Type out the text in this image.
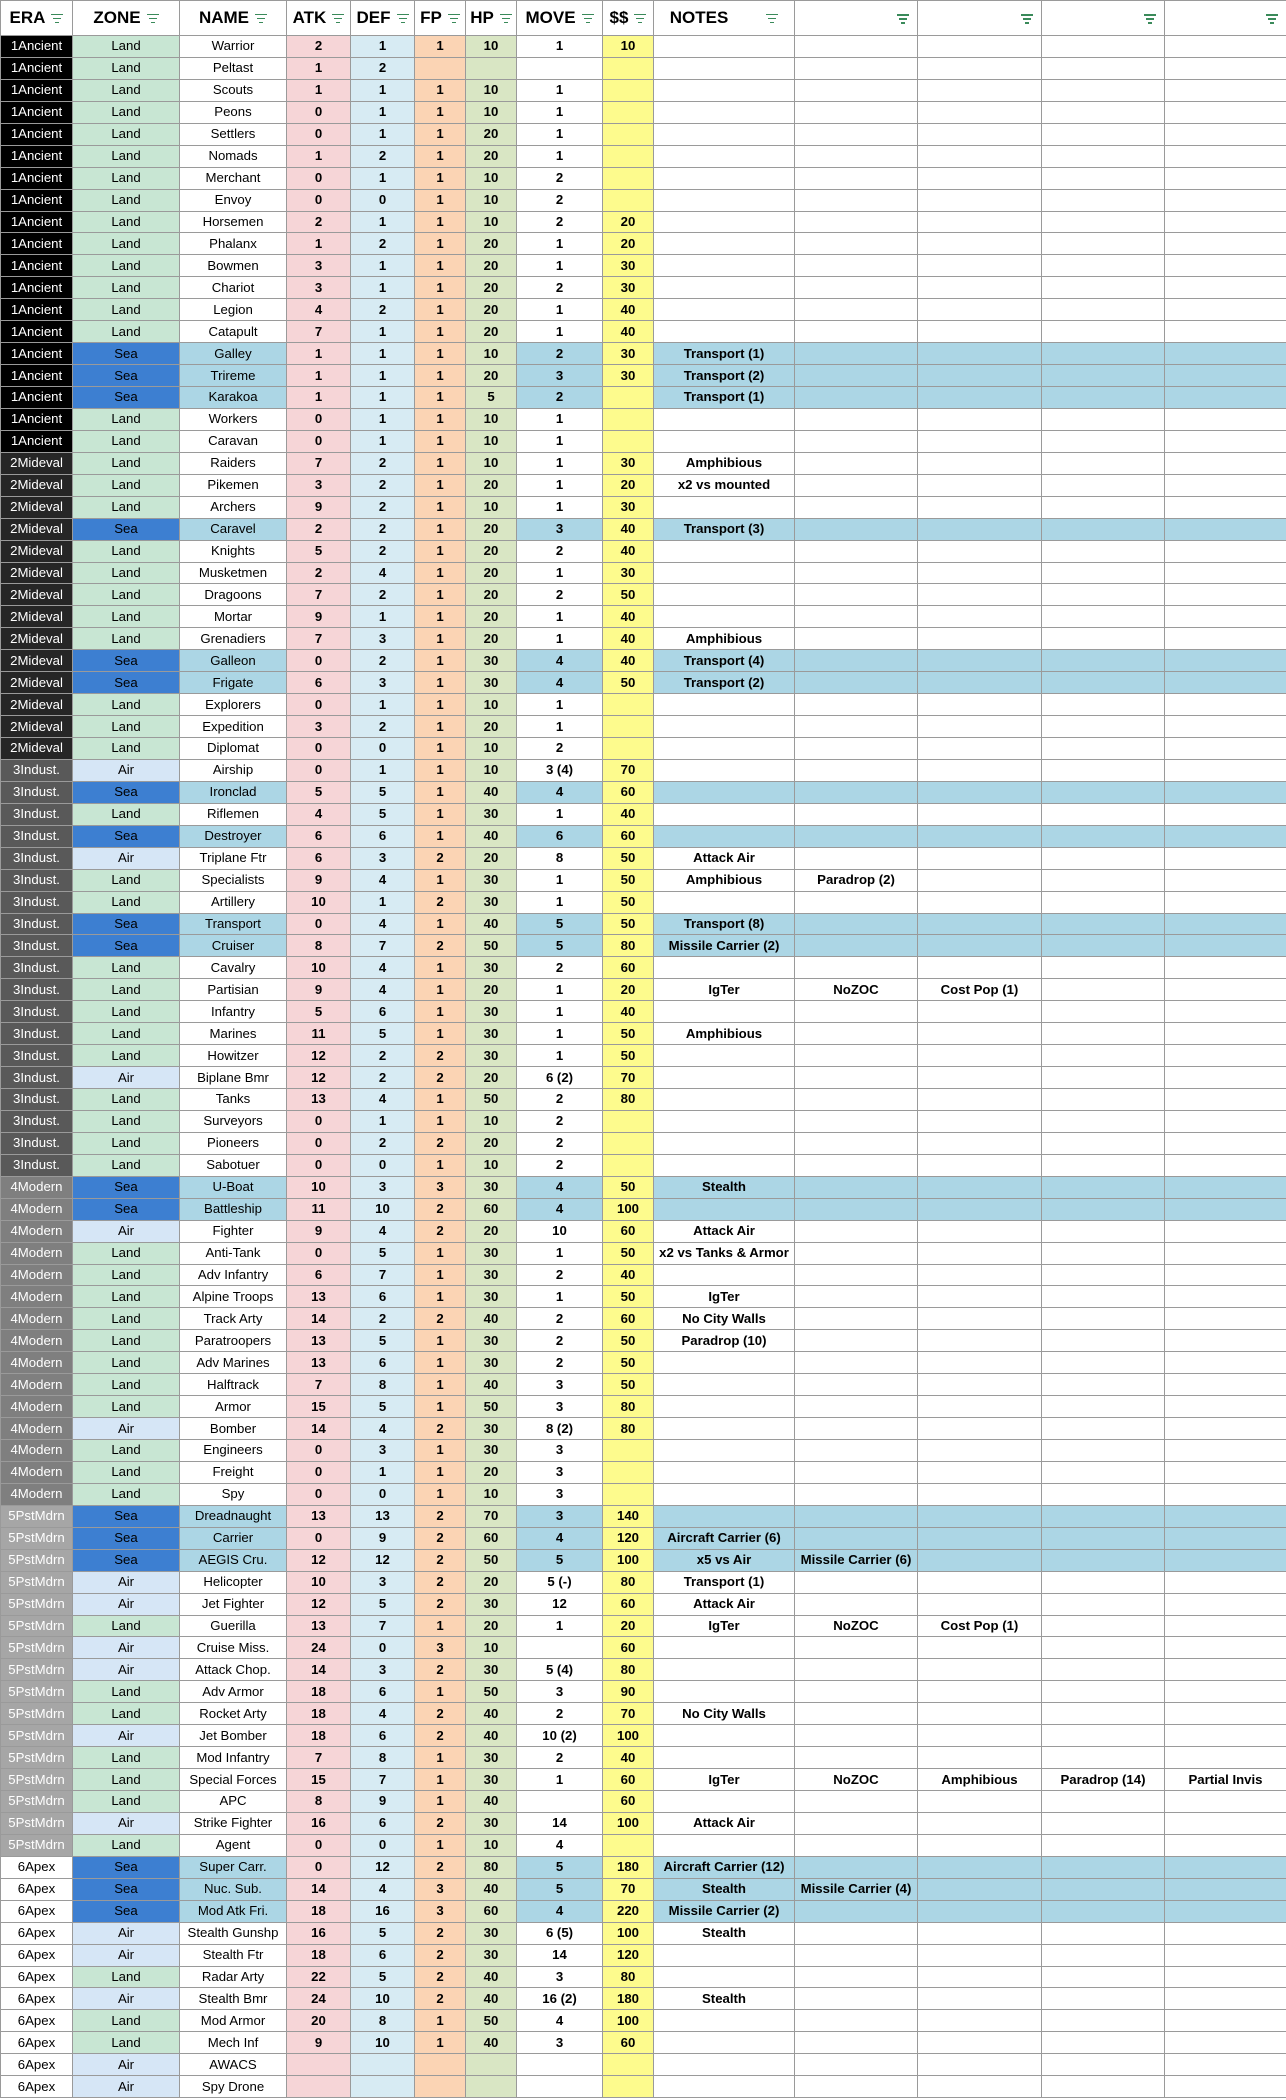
ERA	ZONE	NAME	ATK	DEF	FP	HP	MOVE	$$	NOTES

1Ancient	Land	Warrior	2	1	1	10	1	10					
1Ancient	Land	Peltast	1	2									
1Ancient	Land	Scouts	1	1	1	10	1						
1Ancient	Land	Peons	0	1	1	10	1						
1Ancient	Land	Settlers	0	1	1	20	1						
1Ancient	Land	Nomads	1	2	1	20	1						
1Ancient	Land	Merchant	0	1	1	10	2						
1Ancient	Land	Envoy	0	0	1	10	2						
1Ancient	Land	Horsemen	2	1	1	10	2	20					
1Ancient	Land	Phalanx	1	2	1	20	1	20					
1Ancient	Land	Bowmen	3	1	1	20	1	30					
1Ancient	Land	Chariot	3	1	1	20	2	30					
1Ancient	Land	Legion	4	2	1	20	1	40					
1Ancient	Land	Catapult	7	1	1	20	1	40					
1Ancient	Sea	Galley	1	1	1	10	2	30	Transport (1)				
1Ancient	Sea	Trireme	1	1	1	20	3	30	Transport (2)				
1Ancient	Sea	Karakoa	1	1	1	5	2		Transport (1)				
1Ancient	Land	Workers	0	1	1	10	1						
1Ancient	Land	Caravan	0	1	1	10	1						
2Mideval	Land	Raiders	7	2	1	10	1	30	Amphibious				
2Mideval	Land	Pikemen	3	2	1	20	1	20	x2 vs mounted				
2Mideval	Land	Archers	9	2	1	10	1	30					
2Mideval	Sea	Caravel	2	2	1	20	3	40	Transport (3)				
2Mideval	Land	Knights	5	2	1	20	2	40					
2Mideval	Land	Musketmen	2	4	1	20	1	30					
2Mideval	Land	Dragoons	7	2	1	20	2	50					
2Mideval	Land	Mortar	9	1	1	20	1	40					
2Mideval	Land	Grenadiers	7	3	1	20	1	40	Amphibious				
2Mideval	Sea	Galleon	0	2	1	30	4	40	Transport (4)				
2Mideval	Sea	Frigate	6	3	1	30	4	50	Transport (2)				
2Mideval	Land	Explorers	0	1	1	10	1						
2Mideval	Land	Expedition	3	2	1	20	1						
2Mideval	Land	Diplomat	0	0	1	10	2						
3Indust.	Air	Airship	0	1	1	10	3 (4)	70					
3Indust.	Sea	Ironclad	5	5	1	40	4	60					
3Indust.	Land	Riflemen	4	5	1	30	1	40					
3Indust.	Sea	Destroyer	6	6	1	40	6	60					
3Indust.	Air	Triplane Ftr	6	3	2	20	8	50	Attack Air				
3Indust.	Land	Specialists	9	4	1	30	1	50	Amphibious	Paradrop (2)			
3Indust.	Land	Artillery	10	1	2	30	1	50					
3Indust.	Sea	Transport	0	4	1	40	5	50	Transport (8)				
3Indust.	Sea	Cruiser	8	7	2	50	5	80	Missile Carrier (2)				
3Indust.	Land	Cavalry	10	4	1	30	2	60					
3Indust.	Land	Partisian	9	4	1	20	1	20	IgTer	NoZOC	Cost Pop (1)		
3Indust.	Land	Infantry	5	6	1	30	1	40					
3Indust.	Land	Marines	11	5	1	30	1	50	Amphibious				
3Indust.	Land	Howitzer	12	2	2	30	1	50					
3Indust.	Air	Biplane Bmr	12	2	2	20	6 (2)	70					
3Indust.	Land	Tanks	13	4	1	50	2	80					
3Indust.	Land	Surveyors	0	1	1	10	2						
3Indust.	Land	Pioneers	0	2	2	20	2						
3Indust.	Land	Sabotuer	0	0	1	10	2						
4Modern	Sea	U-Boat	10	3	3	30	4	50	Stealth				
4Modern	Sea	Battleship	11	10	2	60	4	100					
4Modern	Air	Fighter	9	4	2	20	10	60	Attack Air				
4Modern	Land	Anti-Tank	0	5	1	30	1	50	x2 vs Tanks & Armor				
4Modern	Land	Adv Infantry	6	7	1	30	2	40					
4Modern	Land	Alpine Troops	13	6	1	30	1	50	IgTer				
4Modern	Land	Track Arty	14	2	2	40	2	60	No City Walls				
4Modern	Land	Paratroopers	13	5	1	30	2	50	Paradrop (10)				
4Modern	Land	Adv Marines	13	6	1	30	2	50					
4Modern	Land	Halftrack	7	8	1	40	3	50					
4Modern	Land	Armor	15	5	1	50	3	80					
4Modern	Air	Bomber	14	4	2	30	8 (2)	80					
4Modern	Land	Engineers	0	3	1	30	3						
4Modern	Land	Freight	0	1	1	20	3						
4Modern	Land	Spy	0	0	1	10	3						
5PstMdrn	Sea	Dreadnaught	13	13	2	70	3	140					
5PstMdrn	Sea	Carrier	0	9	2	60	4	120	Aircraft Carrier (6)				
5PstMdrn	Sea	AEGIS Cru.	12	12	2	50	5	100	x5 vs Air	Missile Carrier (6)			
5PstMdrn	Air	Helicopter	10	3	2	20	5 (-)	80	Transport (1)				
5PstMdrn	Air	Jet Fighter	12	5	2	30	12	60	Attack Air				
5PstMdrn	Land	Guerilla	13	7	1	20	1	20	IgTer	NoZOC	Cost Pop (1)		
5PstMdrn	Air	Cruise Miss.	24	0	3	10		60					
5PstMdrn	Air	Attack Chop.	14	3	2	30	5 (4)	80					
5PstMdrn	Land	Adv Armor	18	6	1	50	3	90					
5PstMdrn	Land	Rocket Arty	18	4	2	40	2	70	No City Walls				
5PstMdrn	Air	Jet Bomber	18	6	2	40	10 (2)	100					
5PstMdrn	Land	Mod Infantry	7	8	1	30	2	40					
5PstMdrn	Land	Special Forces	15	7	1	30	1	60	IgTer	NoZOC	Amphibious	Paradrop (14)	Partial Invis
5PstMdrn	Land	APC	8	9	1	40		60					
5PstMdrn	Air	Strike Fighter	16	6	2	30	14	100	Attack Air				
5PstMdrn	Land	Agent	0	0	1	10	4						
6Apex	Sea	Super Carr.	0	12	2	80	5	180	Aircraft Carrier (12)				
6Apex	Sea	Nuc. Sub.	14	4	3	40	5	70	Stealth	Missile Carrier (4)			
6Apex	Sea	Mod Atk Fri.	18	16	3	60	4	220	Missile Carrier (2)				
6Apex	Air	Stealth Gunshp	16	5	2	30	6 (5)	100	Stealth				
6Apex	Air	Stealth Ftr	18	6	2	30	14	120					
6Apex	Land	Radar Arty	22	5	2	40	3	80					
6Apex	Air	Stealth Bmr	24	10	2	40	16 (2)	180	Stealth				
6Apex	Land	Mod Armor	20	8	1	50	4	100					
6Apex	Land	Mech Inf	9	10	1	40	3	60					
6Apex	Air	AWACS											
6Apex	Air	Spy Drone											
